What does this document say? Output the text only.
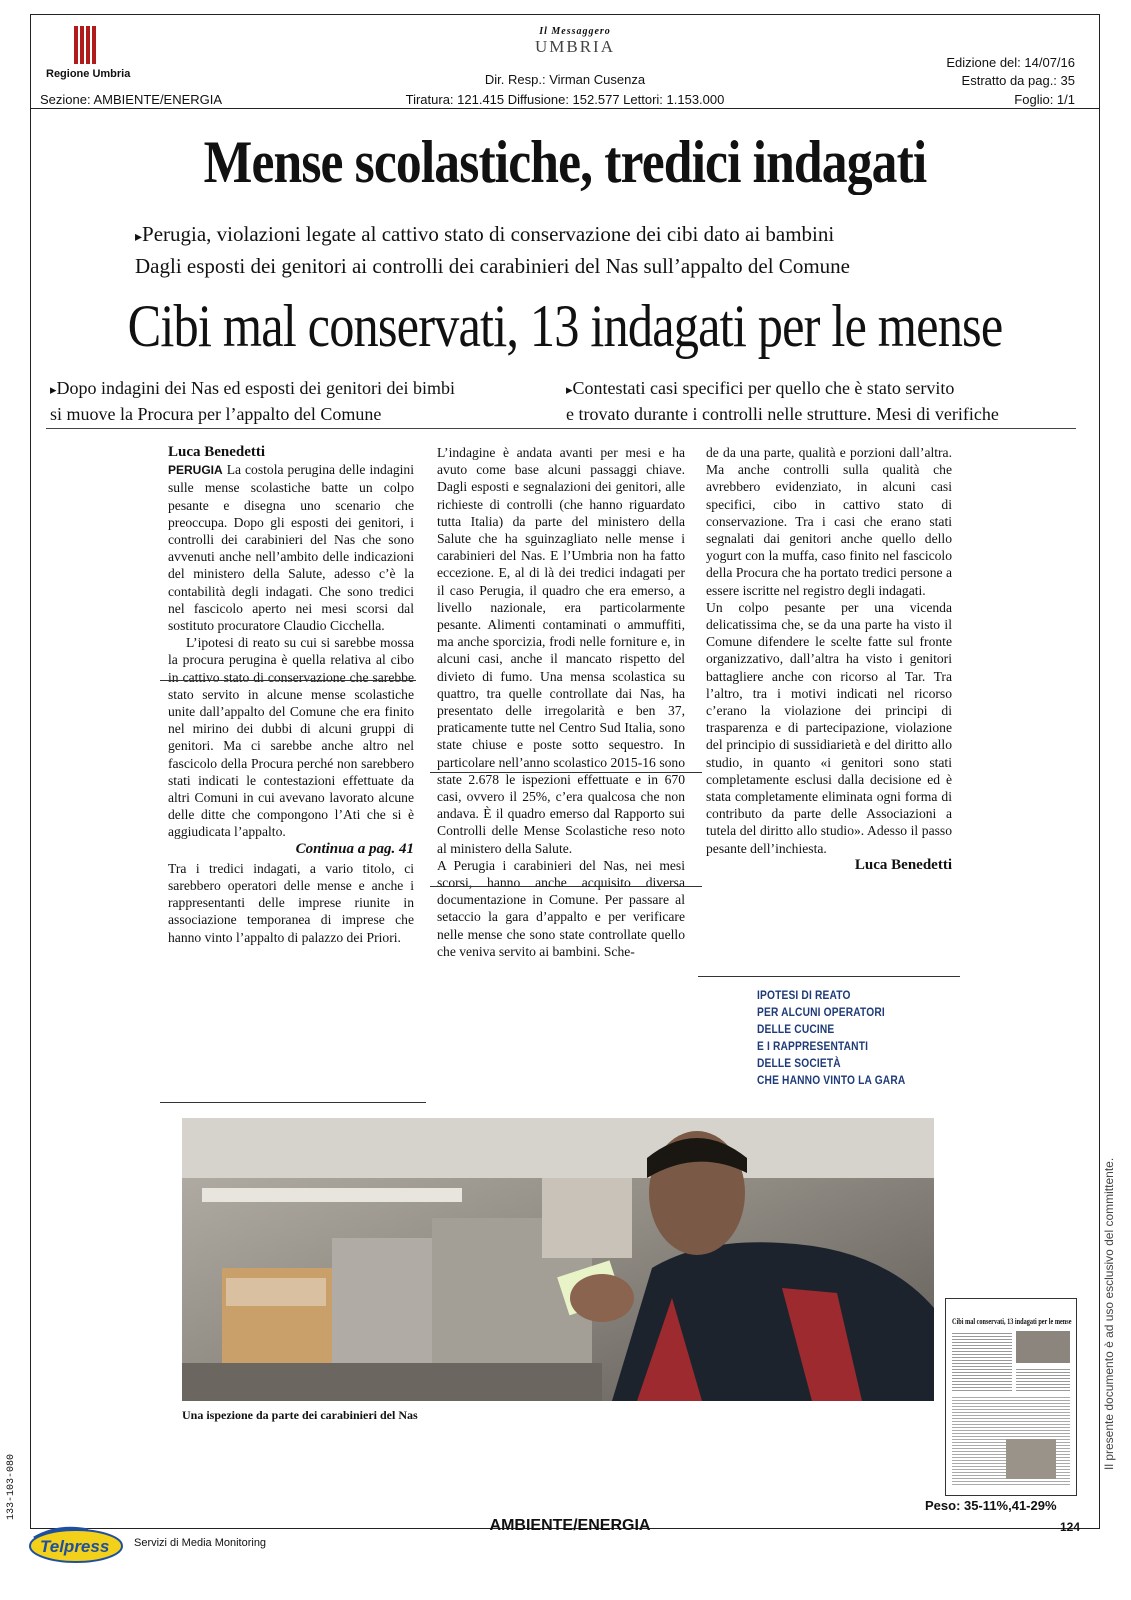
Regione Umbria
Sezione: AMBIENTE/ENERGIA
Il Messaggero
UMBRIA
Dir. Resp.: Virman Cusenza
Tiratura: 121.415 Diffusione: 152.577 Lettori: 1.153.000
Edizione del: 14/07/16
Estratto da pag.: 35
Foglio: 1/1
Mense scolastiche, tredici indagati
▸Perugia, violazioni legate al cattivo stato di conservazione dei cibi dato ai bambini
Dagli esposti dei genitori ai controlli dei carabinieri del Nas sull’appalto del Comune
Cibi mal conservati, 13 indagati per le mense
▸Dopo indagini dei Nas ed esposti dei genitori dei bimbi
si muove la Procura per l’appalto del Comune
▸Contestati casi specifici per quello che è stato servito
e trovato durante i controlli nelle strutture. Mesi di verifiche
Luca Benedetti

PERUGIA La costola perugina delle indagini sulle mense scolastiche batte un colpo pesante e disegna uno scenario che preoccupa. Dopo gli esposti dei genitori, i controlli dei carabinieri del Nas che sono avvenuti anche nell’ambito delle indicazioni del ministero della Salute, adesso c’è la contabilità degli indagati. Che sono tredici nel fascicolo aperto nei mesi scorsi dal sostituto procuratore Claudio Cicchella.

L’ipotesi di reato su cui si sarebbe mossa la procura perugina è quella relativa al cibo in cattivo stato di conservazione che sarebbe stato servito in alcune mense scolastiche unite dall’appalto del Comune che era finito nel mirino dei dubbi di alcuni gruppi di genitori. Ma ci sarebbe anche altro nel fascicolo della Procura perché non sarebbero stati indicati le contestazioni effettuate da altri Comuni in cui avevano lavorato alcune delle ditte che compongono l’Ati che si è aggiudicata l’appalto.

Continua a pag. 41

Tra i tredici indagati, a vario titolo, ci sarebbero operatori delle mense e anche i rappresentanti delle imprese riunite in associazione temporanea di imprese che hanno vinto l’appalto di palazzo dei Priori.

L’indagine è andata avanti per mesi e ha avuto come base alcuni passaggi chiave. Dagli esposti e segnalazioni dei genitori, alle richieste di controlli (che hanno riguardato tutta Italia) da parte del ministero della Salute che ha sguinzagliato nelle mense i carabinieri del Nas. E l’Umbria non ha fatto eccezione. E, al di là dei tredici indagati per il caso Perugia, il quadro che era emerso, a livello nazionale, era particolarmente pesante. Alimenti contaminati o ammuffiti, ma anche sporcizia, frodi nelle forniture e, in alcuni casi, anche il mancato rispetto del divieto di fumo. Una mensa scolastica su quattro, tra quelle controllate dai Nas, ha presentato delle irregolarità e ben 37, praticamente tutte nel Centro Sud Italia, sono state chiuse e poste sotto sequestro. In particolare nell’anno scolastico 2015-16 sono state 2.678 le ispezioni effettuate e in 670 casi, ovvero il 25%, c’era qualcosa che non andava. È il quadro emerso dal Rapporto sui Controlli delle Mense Scolastiche reso noto al ministero della Salute.

A Perugia i carabinieri del Nas, nei mesi scorsi, hanno anche acquisito diversa documentazione in Comune. Per passare al setaccio la gara d’appalto e per verificare nelle mense che sono state controllate quello che veniva servito ai bambini. Sche-

de da una parte, qualità e porzioni dall’altra. Ma anche controlli sulla qualità che avrebbero evidenziato, in alcuni casi specifici, cibo in cattivo stato di conservazione. Tra i casi che erano stati segnalati dai genitori anche quello dello yogurt con la muffa, caso finito nel fascicolo della Procura che ha portato tredici persone a essere iscritte nel registro degli indagati.

Un colpo pesante per una vicenda delicatissima che, se da una parte ha visto il Comune difendere le scelte fatte sul fronte organizzativo, dall’altra ha visto i genitori battagliere anche con ricorso al Tar. Tra l’altro, tra i motivi indicati nel ricorso c’erano la violazione dei principi di trasparenza e di partecipazione, violazione del principio di sussidiarietà e del diritto allo studio, in quanto «i genitori sono stati completamente esclusi dalla decisione ed è stata completamente eliminata ogni forma di contributo da parte delle Associazioni a tutela del diritto allo studio». Adesso il passo pesante dell’inchiesta.

Luca Benedetti
IPOTESI DI REATO
PER ALCUNI OPERATORI
DELLE CUCINE
E I RAPPRESENTANTI
DELLE SOCIETÀ
CHE HANNO VINTO LA GARA
Una ispezione da parte dei carabinieri del Nas
Cibi mal conservati, 13 indagati per le mense
Peso: 35-11%,41-29%
Il presente documento è ad uso esclusivo del committente.
133-103-080
AMBIENTE/ENERGIA	124
Telpress Servizi di Media Monitoring
